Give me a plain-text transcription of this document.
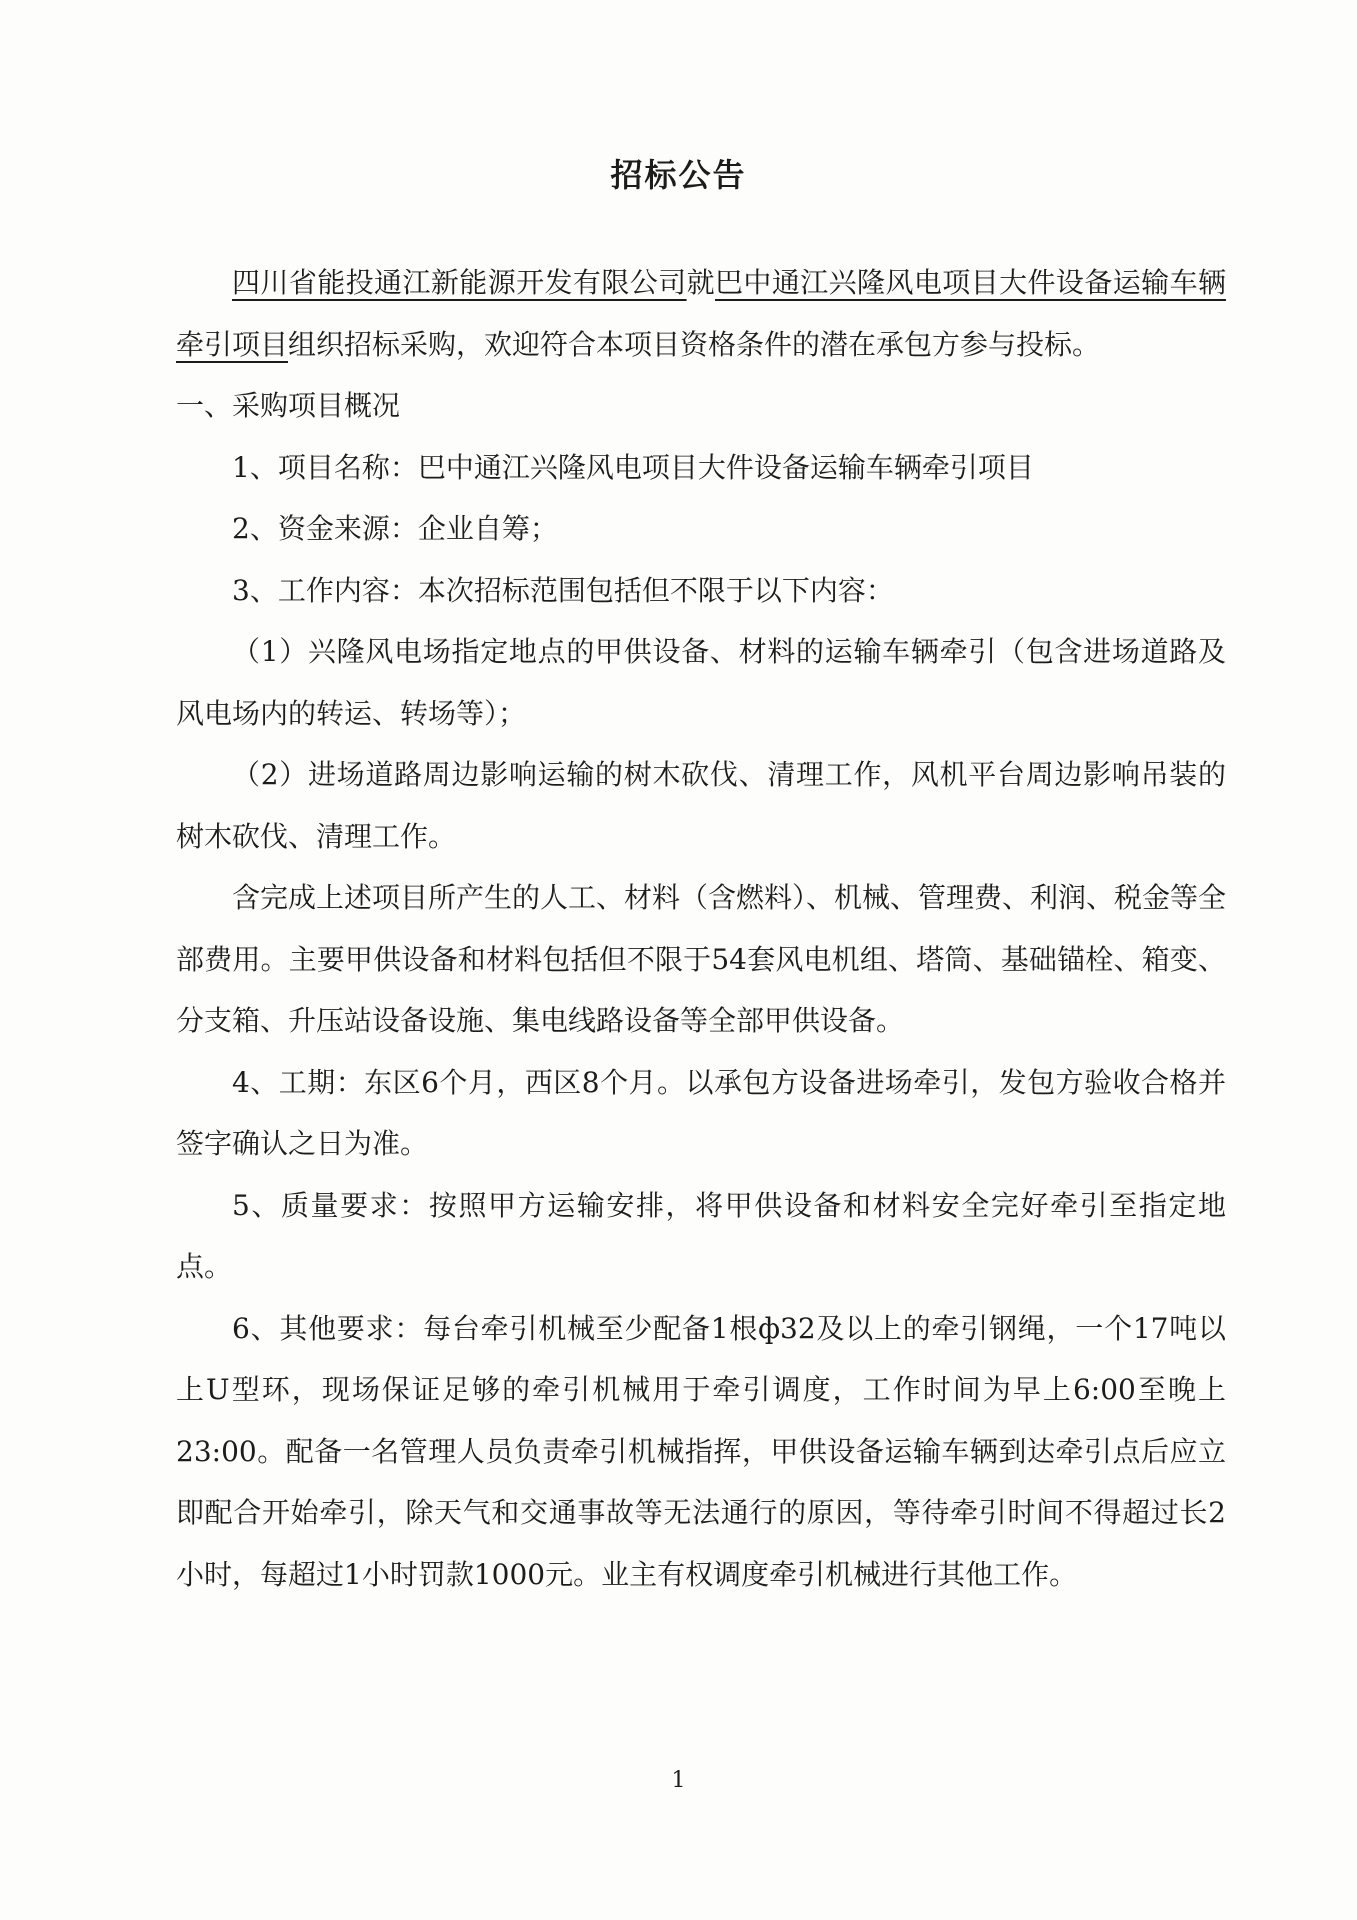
招标公告

四川省能投通江新能源开发有限公司就巴中通江兴隆风电项目大件设备运输车辆牵引项目组织招标采购，欢迎符合本项目资格条件的潜在承包方参与投标。

一、采购项目概况

1、项目名称：巴中通江兴隆风电项目大件设备运输车辆牵引项目

2、资金来源：企业自筹；

3、工作内容：本次招标范围包括但不限于以下内容：

（1）兴隆风电场指定地点的甲供设备、材料的运输车辆牵引（包含进场道路及风电场内的转运、转场等）；

（2）进场道路周边影响运输的树木砍伐、清理工作，风机平台周边影响吊装的树木砍伐、清理工作。

含完成上述项目所产生的人工、材料（含燃料）、机械、管理费、利润、税金等全部费用。主要甲供设备和材料包括但不限于54套风电机组、塔筒、基础锚栓、箱变、分支箱、升压站设备设施、集电线路设备等全部甲供设备。

4、工期：东区6个月，西区8个月。以承包方设备进场牵引，发包方验收合格并签字确认之日为准。

5、质量要求：按照甲方运输安排，将甲供设备和材料安全完好牵引至指定地点。

6、其他要求：每台牵引机械至少配备1根ф32及以上的牵引钢绳，一个17吨以上U型环，现场保证足够的牵引机械用于牵引调度，工作时间为早上6:00至晚上23:00。配备一名管理人员负责牵引机械指挥，甲供设备运输车辆到达牵引点后应立即配合开始牵引，除天气和交通事故等无法通行的原因，等待牵引时间不得超过长2小时，每超过1小时罚款1000元。业主有权调度牵引机械进行其他工作。

1
